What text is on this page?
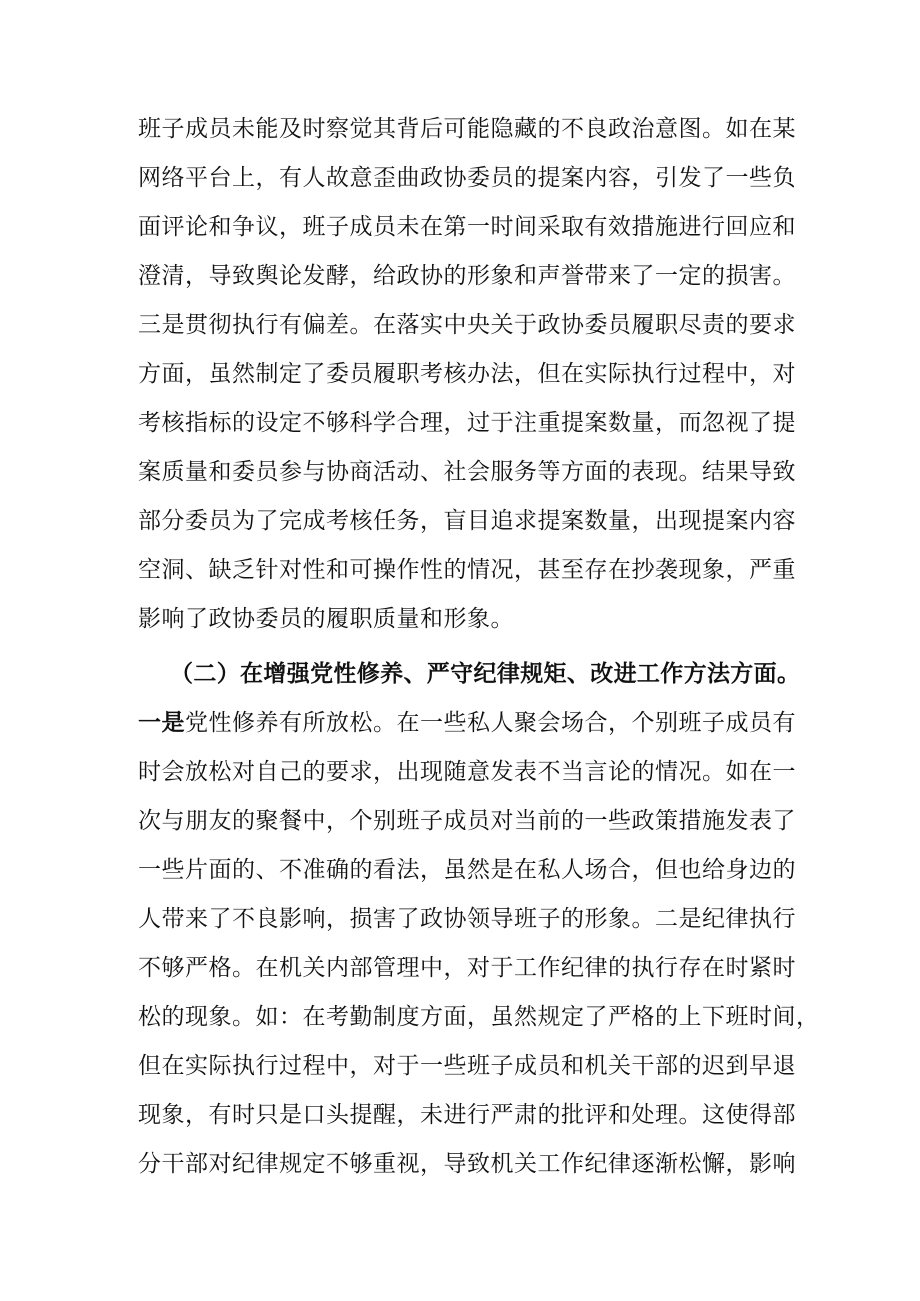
班子成员未能及时察觉其背后可能隐藏的不良政治意图。如在某
网络平台上，有人故意歪曲政协委员的提案内容，引发了一些负
面评论和争议，班子成员未在第一时间采取有效措施进行回应和
澄清，导致舆论发酵，给政协的形象和声誉带来了一定的损害。
三是贯彻执行有偏差。在落实中央关于政协委员履职尽责的要求
方面，虽然制定了委员履职考核办法，但在实际执行过程中，对
考核指标的设定不够科学合理，过于注重提案数量，而忽视了提
案质量和委员参与协商活动、社会服务等方面的表现。结果导致
部分委员为了完成考核任务，盲目追求提案数量，出现提案内容
空洞、缺乏针对性和可操作性的情况，甚至存在抄袭现象，严重
影响了政协委员的履职质量和形象。
（二）在增强党性修养、严守纪律规矩、改进工作方法方面。
一是党性修养有所放松。在一些私人聚会场合，个别班子成员有
时会放松对自己的要求，出现随意发表不当言论的情况。如在一
次与朋友的聚餐中，个别班子成员对当前的一些政策措施发表了
一些片面的、不准确的看法，虽然是在私人场合，但也给身边的
人带来了不良影响，损害了政协领导班子的形象。二是纪律执行
不够严格。在机关内部管理中，对于工作纪律的执行存在时紧时
松的现象。如：在考勤制度方面，虽然规定了严格的上下班时间，
但在实际执行过程中，对于一些班子成员和机关干部的迟到早退
现象，有时只是口头提醒，未进行严肃的批评和处理。这使得部
分干部对纪律规定不够重视，导致机关工作纪律逐渐松懈，影响
